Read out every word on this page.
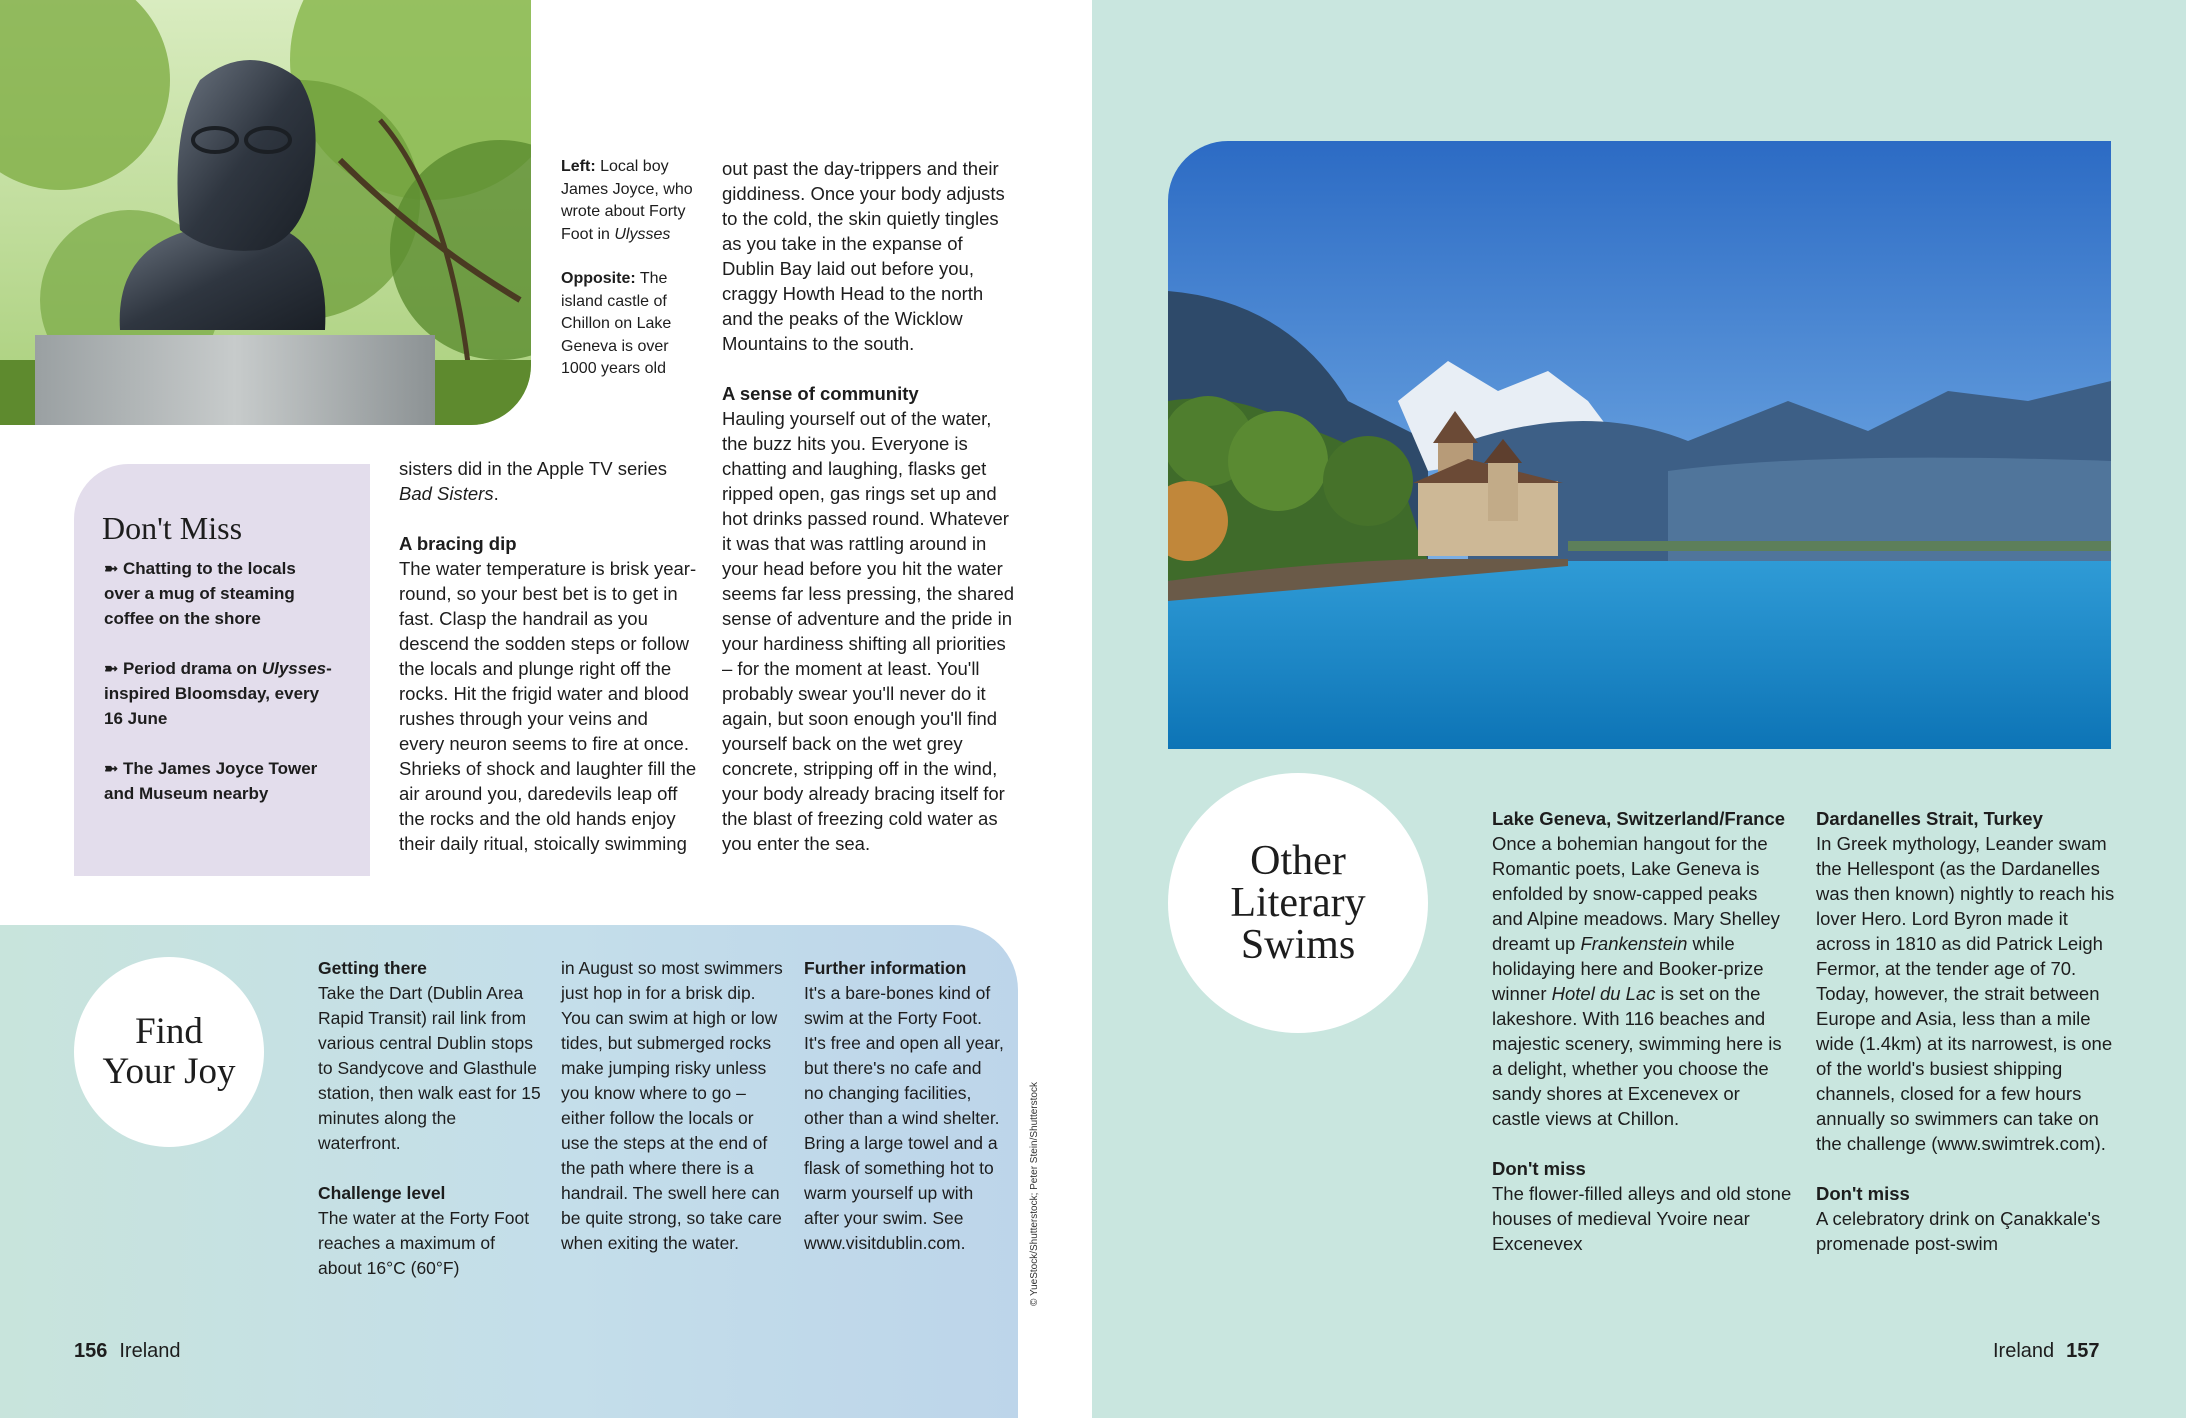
Left: Local boy James Joyce, who wrote about Forty Foot in Ulysses

Opposite: The island castle of Chillon on Lake Geneva is over 1000 years old

Don't Miss
➼ Chatting to the locals over a mug of steaming coffee on the shore
➼ Period drama on Ulysses-inspired Bloomsday, every 16 June
➼ The James Joyce Tower and Museum nearby

sisters did in the Apple TV series Bad Sisters.

A bracing dip

The water temperature is brisk year-round, so your best bet is to get in fast. Clasp the handrail as you descend the sodden steps or follow the locals and plunge right off the rocks. Hit the frigid water and blood rushes through your veins and every neuron seems to fire at once. Shrieks of shock and laughter fill the air around you, daredevils leap off the rocks and the old hands enjoy their daily ritual, stoically swimming

out past the day-trippers and their giddiness. Once your body adjusts to the cold, the skin quietly tingles as you take in the expanse of Dublin Bay laid out before you, craggy Howth Head to the north and the peaks of the Wicklow Mountains to the south.

A sense of community

Hauling yourself out of the water, the buzz hits you. Everyone is chatting and laughing, flasks get ripped open, gas rings set up and hot drinks passed round. Whatever it was that was rattling around in your head before you hit the water seems far less pressing, the shared sense of adventure and the pride in your hardiness shifting all priorities – for the moment at least. You'll probably swear you'll never do it again, but soon enough you'll find yourself back on the wet grey concrete, stripping off in the wind, your body already bracing itself for the blast of freezing cold water as you enter the sea.

Find
Your Joy

Getting there

Take the Dart (Dublin Area Rapid Transit) rail link from various central Dublin stops to Sandycove and Glasthule station, then walk east for 15 minutes along the waterfront.

Challenge level

The water at the Forty Foot reaches a maximum of about 16°C (60°F)

in August so most swimmers just hop in for a brisk dip. You can swim at high or low tides, but submerged rocks make jumping risky unless you know where to go – either follow the locals or use the steps at the end of the path where there is a handrail. The swell here can be quite strong, so take care when exiting the water.

Further information

It's a bare-bones kind of swim at the Forty Foot. It's free and open all year, but there's no cafe and no changing facilities, other than a wind shelter. Bring a large towel and a flask of something hot to warm yourself up with after your swim. See www.visitdublin.com.	© YueStock/Shutterstock; Peter Stein/Shutterstock
156 Ireland
Other
Literary
Swims

Lake Geneva, Switzerland/France

Once a bohemian hangout for the Romantic poets, Lake Geneva is enfolded by snow-capped peaks and Alpine meadows. Mary Shelley dreamt up Frankenstein while holidaying here and Booker-prize winner Hotel du Lac is set on the lakeshore. With 116 beaches and majestic scenery, swimming here is a delight, whether you choose the sandy shores at Excenevex or castle views at Chillon.

Don't miss

The flower-filled alleys and old stone houses of medieval Yvoire near Excenevex

Dardanelles Strait, Turkey

In Greek mythology, Leander swam the Hellespont (as the Dardanelles was then known) nightly to reach his lover Hero. Lord Byron made it across in 1810 as did Patrick Leigh Fermor, at the tender age of 70. Today, however, the strait between Europe and Asia, less than a mile wide (1.4km) at its narrowest, is one of the world's busiest shipping channels, closed for a few hours annually so swimmers can take on the challenge (www.swimtrek.com).

Don't miss

A celebratory drink on Çanakkale's promenade post-swim

Ireland 157
